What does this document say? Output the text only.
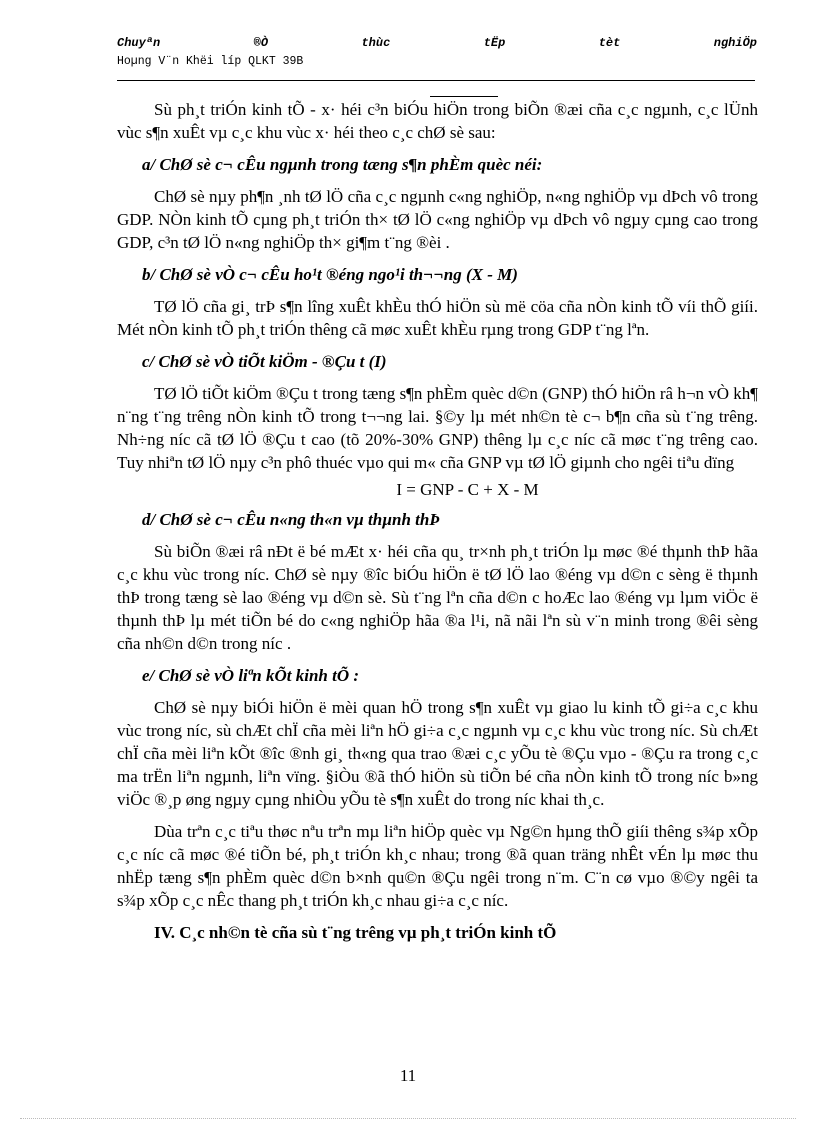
Chuyªn	®Ò	thùc	tËp	tèt	nghiÖp
Hoµng V¨n Khëi líp QLKT 39B

Sù ph¸t triÓn kinh tÕ - x· héi c³n biÓu hiÖn trong biÕn ®æi cña c¸c ngµnh, c¸c lÜnh vùc s¶n xuÊt vµ c¸c khu vùc x· héi theo c¸c chØ sè sau:

a/ ChØ sè c¬ cÊu ngµnh trong tæng s¶n phÈm quèc néi:

ChØ sè nµy ph¶n ¸nh tØ lÖ cña c¸c ngµnh c«ng nghiÖp, n«ng nghiÖp vµ dÞch vô trong GDP. NÒn kinh tÕ cµng ph¸t triÓn th× tØ lÖ c«ng nghiÖp vµ dÞch vô ngµy cµng cao trong GDP, c³n tØ lÖ n«ng nghiÖp th× gi¶m t¨ng ®èi .

b/ ChØ sè vÒ c¬ cÊu ho¹t ®éng ngo¹i th¬¬ng (X - M)

TØ lÖ cña gi¸ trÞ s¶n lîng xuÊt khÈu thÓ hiÖn sù më cöa cña nÒn kinh tÕ víi thÕ giíi. Mét nÒn kinh tÕ ph¸t triÓn thêng cã møc xuÊt khÈu rµng trong GDP t¨ng lªn.

c/ ChØ sè vÒ tiÕt kiÖm - ®Çu t (I)

TØ lÖ tiÕt kiÖm ®Çu t trong tæng s¶n phÈm quèc d©n (GNP) thÓ hiÖn râ h¬n vÒ kh¶ n¨ng t¨ng trêng nÒn kinh tÕ trong t¬¬ng lai. §©y lµ mét nh©n tè c¬ b¶n cña sù t¨ng trêng. Nh÷ng níc cã tØ lÖ ®Çu t cao (tõ 20%-30% GNP) thêng lµ c¸c níc cã møc t¨ng trêng cao. Tuy nhiªn tØ lÖ nµy c³n phô thuéc vµo qui m« cña GNP vµ tØ lÖ giµnh cho ngêi tiªu dïng

I = GNP - C + X - M

d/ ChØ sè c¬ cÊu n«ng th«n vµ thµnh thÞ

Sù biÕn ®æi râ nÐt ë bé mÆt x· héi cña qu¸ tr×nh ph¸t triÓn lµ møc ®é thµnh thÞ hãa c¸c khu vùc trong níc. ChØ sè nµy ®îc biÓu hiÖn ë tØ lÖ lao ®éng vµ d©n c sèng ë thµnh thÞ trong tæng sè lao ®éng vµ d©n sè. Sù t¨ng lªn cña d©n c hoÆc lao ®éng vµ lµm viÖc ë thµnh thÞ lµ mét tiÕn bé do c«ng nghiÖp hãa ®a l¹i, nã nãi lªn sù v¨n minh trong ®êi sèng cña nh©n d©n trong níc .

e/ ChØ sè vÒ liªn kÕt kinh tÕ :

ChØ sè nµy biÓi hiÖn ë mèi quan hÖ trong s¶n xuÊt vµ giao lu kinh tÕ gi÷a c¸c khu vùc trong níc, sù chÆt chÏ cña mèi liªn hÖ gi÷a c¸c ngµnh vµ c¸c khu vùc trong níc. Sù chÆt chÏ cña mèi liªn kÕt ®îc ®nh gi¸ th«ng qua trao ®æi c¸c yÕu tè ®Çu vµo - ®Çu ra trong c¸c ma trËn liªn ngµnh, liªn vïng. §iÒu ®ã thÓ hiÖn sù tiÕn bé cña nÒn kinh tÕ trong níc b»ng viÖc ®¸p øng ngµy cµng nhiÒu yÕu tè s¶n xuÊt do trong níc khai th¸c.

Dùa trªn c¸c tiªu thøc nªu trªn mµ liªn hiÖp quèc vµ Ng©n hµng thÕ giíi thêng s¾p xÕp c¸c níc cã møc ®é tiÕn bé, ph¸t triÓn kh¸c nhau; trong ®ã quan träng nhÊt vÉn lµ møc thu nhËp tæng s¶n phÈm quèc d©n b×nh qu©n ®Çu ngêi trong n¨m. C¨n cø vµo ®©y ngêi ta s¾p xÕp c¸c nÊc thang ph¸t triÓn kh¸c nhau gi÷a c¸c níc.

IV. C¸c nh©n tè cña sù t¨ng trêng vµ ph¸t triÓn kinh tÕ

11
